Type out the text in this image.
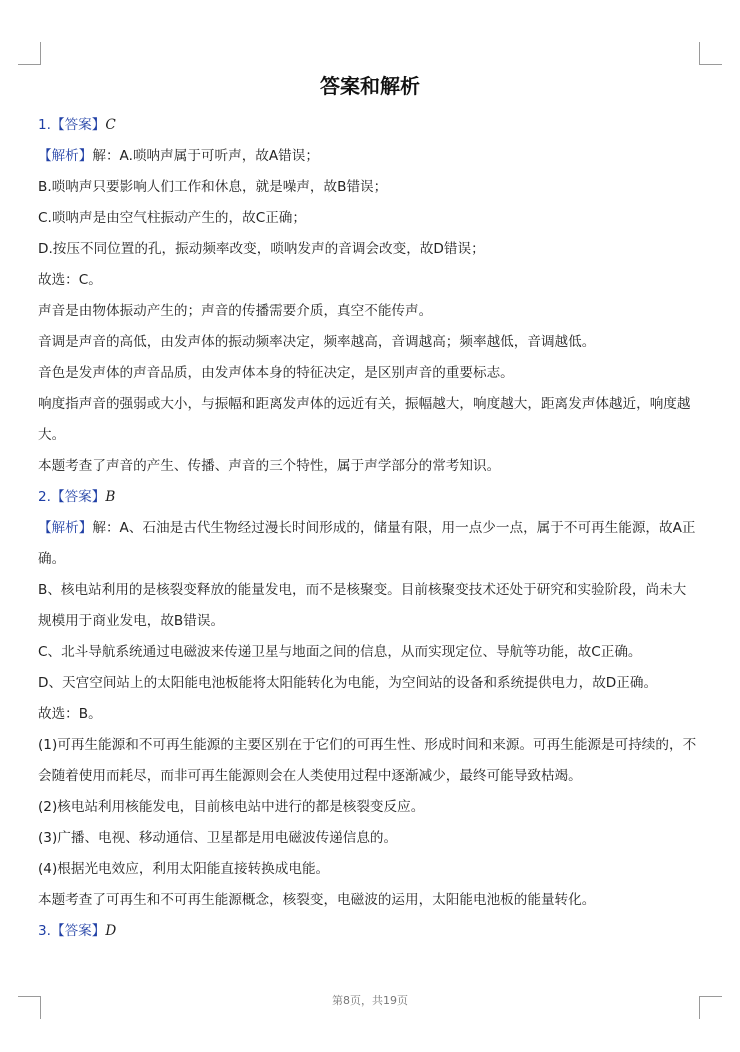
答案和解析
1.【答案】C
【解析】解：A.唢呐声属于可听声，故A错误；
B.唢呐声只要影响人们工作和休息，就是噪声，故B错误；
C.唢呐声是由空气柱振动产生的，故C正确；
D.按压不同位置的孔，振动频率改变，唢呐发声的音调会改变，故D错误；
故选：C。
声音是由物体振动产生的；声音的传播需要介质，真空不能传声。
音调是声音的高低，由发声体的振动频率决定，频率越高，音调越高；频率越低，音调越低。
音色是发声体的声音品质，由发声体本身的特征决定，是区别声音的重要标志。
响度指声音的强弱或大小，与振幅和距离发声体的远近有关，振幅越大，响度越大，距离发声体越近，响度越大。
本题考查了声音的产生、传播、声音的三个特性，属于声学部分的常考知识。
2.【答案】B
【解析】解：A、石油是古代生物经过漫长时间形成的，储量有限，用一点少一点，属于不可再生能源，故A正确。
B、核电站利用的是核裂变释放的能量发电，而不是核聚变。目前核聚变技术还处于研究和实验阶段，尚未大规模用于商业发电，故B错误。
C、北斗导航系统通过电磁波来传递卫星与地面之间的信息，从而实现定位、导航等功能，故C正确。
D、天宫空间站上的太阳能电池板能将太阳能转化为电能，为空间站的设备和系统提供电力，故D正确。
故选：B。
(1)可再生能源和不可再生能源的主要区别在于它们的可再生性、形成时间和来源。可再生能源是可持续的，不会随着使用而耗尽，而非可再生能源则会在人类使用过程中逐渐减少，最终可能导致枯竭。
(2)核电站利用核能发电，目前核电站中进行的都是核裂变反应。
(3)广播、电视、移动通信、卫星都是用电磁波传递信息的。
(4)根据光电效应，利用太阳能直接转换成电能。
本题考查了可再生和不可再生能源概念，核裂变，电磁波的运用，太阳能电池板的能量转化。
3.【答案】D
第8页，共19页
